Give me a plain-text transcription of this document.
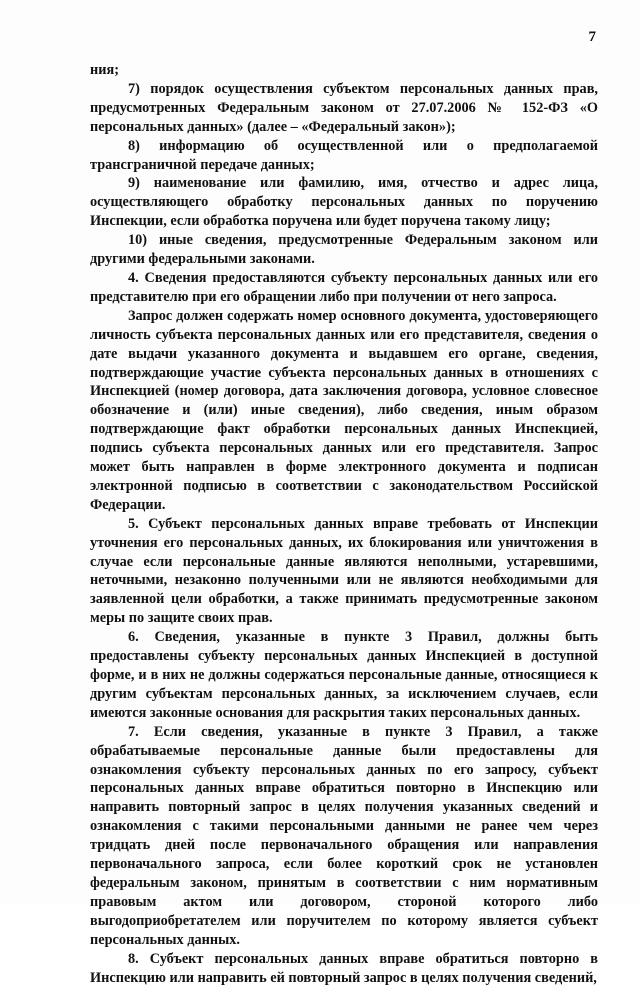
7

ния;

7) порядок осуществления субъектом персональных данных прав, предусмотренных Федеральным законом от 27.07.2006 № 152-ФЗ «О персональных данных» (далее – «Федеральный закон»);

8) информацию об осуществленной или о предполагаемой трансграничной передаче данных;

9) наименование или фамилию, имя, отчество и адрес лица, осуществляющего обработку персональных данных по поручению Инспекции, если обработка поручена или будет поручена такому лицу;

10) иные сведения, предусмотренные Федеральным законом или другими федеральными законами.

4. Сведения предоставляются субъекту персональных данных или его представителю при его обращении либо при получении от него запроса.

Запрос должен содержать номер основного документа, удостоверяющего личность субъекта персональных данных или его представителя, сведения о дате выдачи указанного документа и выдавшем его органе, сведения, подтверждающие участие субъекта персональных данных в отношениях с Инспекцией (номер договора, дата заключения договора, условное словесное обозначение и (или) иные сведения), либо сведения, иным образом подтверждающие факт обработки персональных данных Инспекцией, подпись субъекта персональных данных или его представителя. Запрос может быть направлен в форме электронного документа и подписан электронной подписью в соответствии с законодательством Российской Федерации.

5. Субъект персональных данных вправе требовать от Инспекции уточнения его персональных данных, их блокирования или уничтожения в случае если персональные данные являются неполными, устаревшими, неточными, незаконно полученными или не являются необходимыми для заявленной цели обработки, а также принимать предусмотренные законом меры по защите своих прав.

6. Сведения, указанные в пункте 3 Правил, должны быть предоставлены субъекту персональных данных Инспекцией в доступной форме, и в них не должны содержаться персональные данные, относящиеся к другим субъектам персональных данных, за исключением случаев, если имеются законные основания для раскрытия таких персональных данных.

7. Если сведения, указанные в пункте 3 Правил, а также обрабатываемые персональные данные были предоставлены для ознакомления субъекту персональных данных по его запросу, субъект персональных данных вправе обратиться повторно в Инспекцию или направить повторный запрос в целях получения указанных сведений и ознакомления с такими персональными данными не ранее чем через тридцать дней после первоначального обращения или направления первоначального запроса, если более короткий срок не установлен федеральным законом, принятым в соответствии с ним нормативным правовым актом или договором, стороной которого либо выгодоприобретателем или поручителем по которому является субъект персональных данных.

8. Субъект персональных данных вправе обратиться повторно в Инспекцию или направить ей повторный запрос в целях получения сведений,
